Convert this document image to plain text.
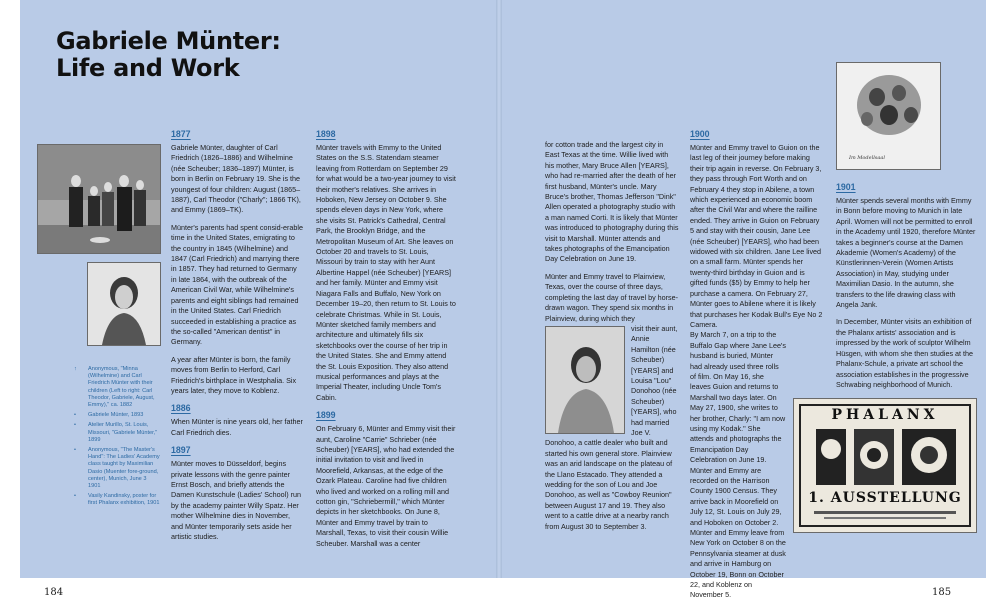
Gabriele Münter:
Life and Work
↑ Anonymous, "Minna (Wilhelmine) and Carl Friedrich Münter with their children (Left to right: Carl Theodor, Gabriele, August, Emmy)," ca. 1882
• Gabriele Münter, 1893
• Atelier Murillo, St. Louis, Missouri, "Gabriele Münter," 1899
• Anonymous, "The Master's Hand": The Ladies' Academy class taught by Maximilian Dasio (Muenter fore-ground, center), Munich, June 3 1901
• Vasily Kandinsky, poster for first Phalanx exhibition, 1901
1877

Gabriele Münter, daughter of Carl Friedrich (1826–1886) and Wilhelmine (née Scheuber; 1836–1897) Münter, is born in Berlin on February 19. She is the youngest of four children: August (1865–1887), Carl Theodor ("Charly"; 1866 TK), and Emmy (1869–TK).

Münter's parents had spent consid-erable time in the United States, emigrating to the country in 1845 (Wilhelmine) and 1847 (Carl Friedrich) and marrying there in 1857. They had returned to Germany in late 1864, with the outbreak of the American Civil War, while Wilhelmine's parents and eight siblings had remained in the United States. Carl Friedrich succeeded in establishing a practice as the so-called "American dentist" in Germany.

A year after Münter is born, the family moves from Berlin to Herford, Carl Friedrich's birthplace in Westphalia. Six years later, they move to Koblenz.

1886

When Münter is nine years old, her father Carl Friedrich dies.

1897

Münter moves to Düsseldorf, begins private lessons with the genre painter Ernst Bosch, and briefly attends the Damen Kunstschule (Ladies' School) run by the academy painter Willy Spatz. Her mother Wilhelmine dies in November, and Münter temporarily sets aside her artistic studies.

1898

Münter travels with Emmy to the United States on the S.S. Statendam steamer leaving from Rotterdam on September 29 for what would be a two-year journey to visit their mother's relatives. She arrives in Hoboken, New Jersey on October 9. She spends eleven days in New York, where she visits St. Patrick's Cathedral, Central Park, the Brooklyn Bridge, and the Metropolitan Museum of Art. She leaves on October 20 and travels to St. Louis, Missouri by train to stay with her Aunt Albertine Happel (née Scheuber) [YEARS] and her family. Münter and Emmy visit Niagara Falls and Buffalo, New York on December 19–20, then return to St. Louis to celebrate Christmas. While in St. Louis, Münter sketched family members and architecture and ultimately fills six sketchbooks over the course of her trip in the United States. She and Emmy attend the St. Louis Exposition. They also attend musical performances and plays at the Imperial Theater, including Uncle Tom's Cabin.

1899

On February 6, Münter and Emmy visit their aunt, Caroline "Carrie" Schrieber (née Scheuber) [YEARS], who had extended the initial invitation to visit and lived in Moorefield, Arkansas, at the edge of the Ozark Plateau. Caroline had five children who lived and worked on a rolling mill and cotton gin, "Schriebermill," which Münter depicts in her sketchbooks. On June 8, Münter and Emmy travel by train to Marshall, Texas, to visit their cousin Willie Scheuber. Marshall was a center

for cotton trade and the largest city in East Texas at the time. Willie lived with his mother, Mary Bruce Allen [YEARS], who had re-married after the death of her first husband, Münter's uncle. Mary Bruce's brother, Thomas Jefferson "Dink" Allen operated a photography studio with a man named Corti. It is likely that Münter was introduced to photography during this visit to Marshall. Münter attends and takes photographs of the Emancipation Day Celebration on June 19.

Münter and Emmy travel to Plainview, Texas, over the course of three days, completing the last day of travel by horse-drawn wagon. They spend six months in Plainview, during which they

visit their aunt, Annie Hamilton (née Scheuber) [YEARS] and Louisa "Lou" Donohoo (née Scheuber) [YEARS], who had married Joe V. Donohoo, a cattle dealer who built and started his own general store. Plainview was an arid landscape on the plateau of the Llano Estacado. They attended a wedding for the son of Lou and Joe Donohoo, as well as "Cowboy Reunion" between August 17 and 19. They also went to a cattle drive at a nearby ranch from August 30 to September 3.

1900

Münter and Emmy travel to Guion on the last leg of their journey before making their trip again in reverse. On February 3, they pass through Fort Worth and on February 4 they stop in Abilene, a town which experienced an economic boom after the Civil War and where the railline ended. They arrive in Guion on February 5 and stay with their cousin, Jane Lee (née Scheuber) [YEARS], who had been widowed with six children. Jane Lee lived on a small farm. Münter spends her twenty-third birthday in Guion and is gifted funds ($5) by Emmy to help her purchase a camera. On February 27, Münter goes to Abilene where it is likely that purchases her Kodak Bull's Eye No 2 Camera.

By March 7, on a trip to the Buffalo Gap where Jane Lee's husband is buried, Münter had already used three rolls of film. On May 16, she leaves Guion and returns to Marshall two days later. On May 27, 1900, she writes to her brother, Charly: "I am now using my Kodak." She attends and photographs the Emancipation Day Celebration on June 19. Münter and Emmy are recorded on the Harrison County 1900 Census. They arrive back in Moorefield on July 12, St. Louis on July 29, and Hoboken on October 2. Münter and Emmy leave from New York on October 8 on the Pennsylvania steamer at dusk and arrive in Hamburg on October 19, Bonn on October 22, and Koblenz on November 5.

Im Modellsaal
1901

Münter spends several months with Emmy in Bonn before moving to Munich in late April. Women will not be permitted to enroll in the Academy until 1920, therefore Münter takes a beginner's course at the Damen Akademie (Women's Academy) of the Künstlerinnen-Verein (Women Artists Association) in May, studying under Maximilian Dasio. In the autumn, she transfers to the life drawing class with Angela Jank.

In December, Münter visits an exhibition of the Phalanx artists' association and is impressed by the work of sculptor Wilhelm Hüsgen, with whom she then studies at the Phalanx-Schule, a private art school the association establishes in the progressive Schwabing neighborhood of Munich.

PHALANX
1. AUSSTELLUNG
184	185
